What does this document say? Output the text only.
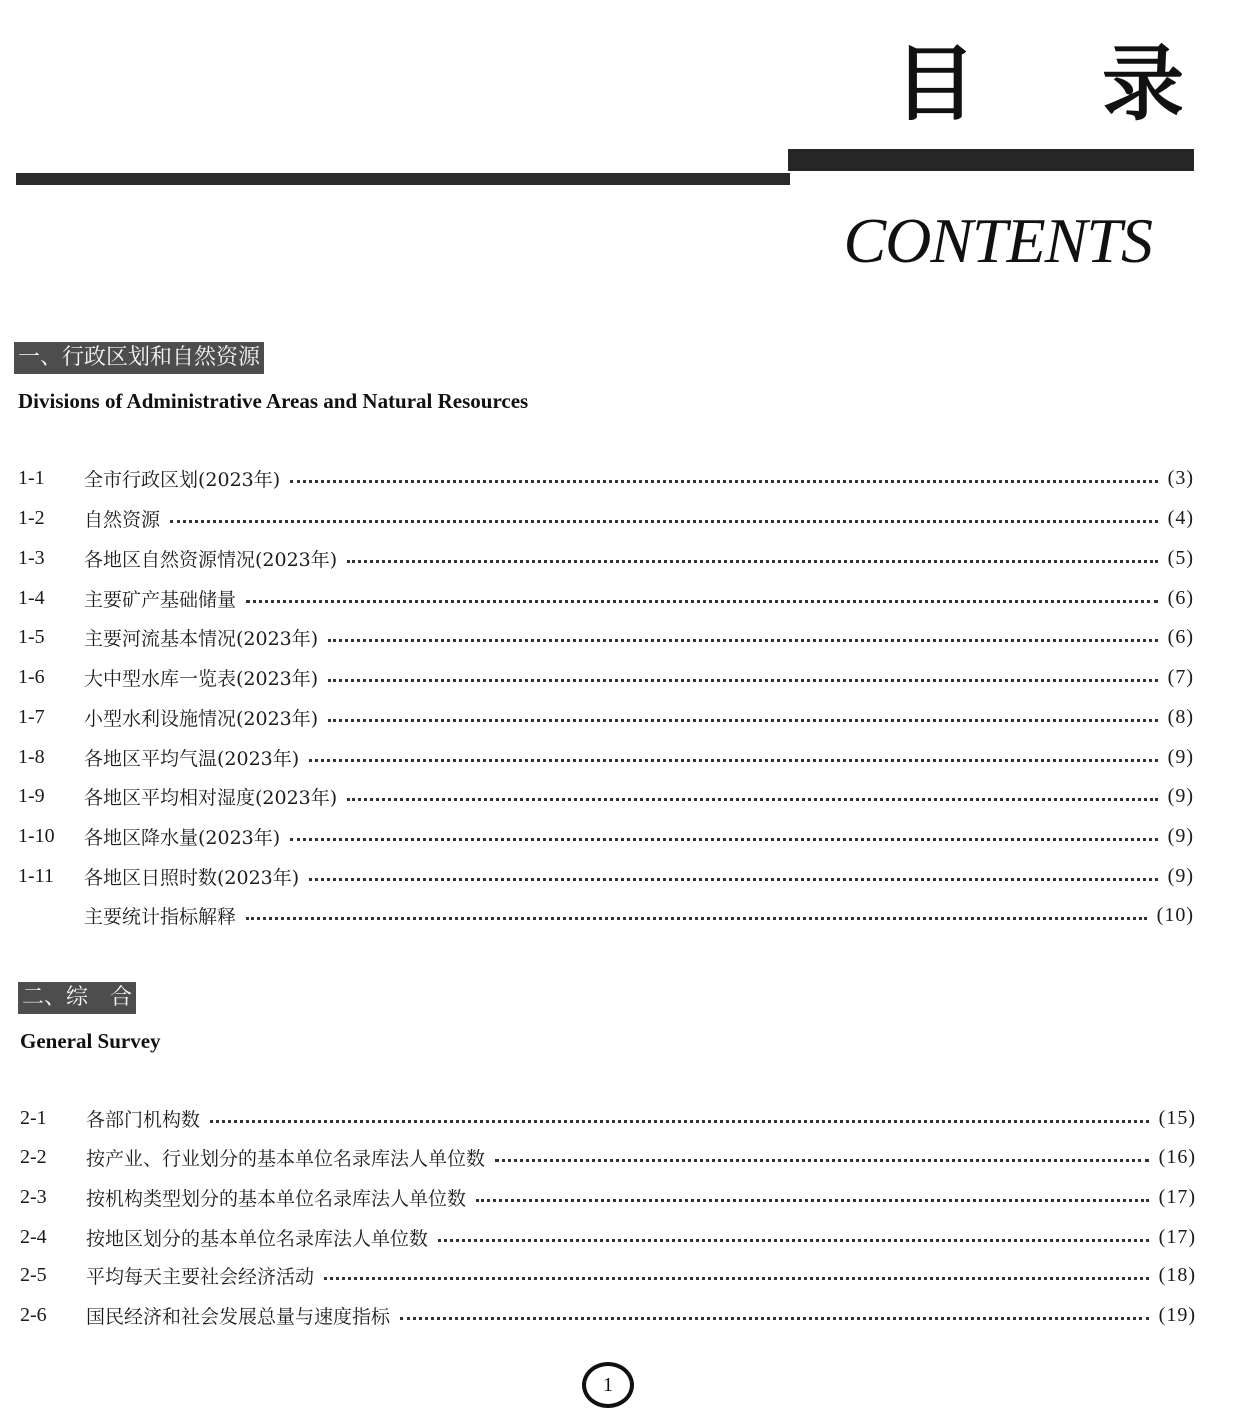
目 录
CONTENTS
一、行政区划和自然资源
Divisions of Administrative Areas and Natural Resources
1-1	全市行政区划(2023年)	(3)
1-2	自然资源	(4)
1-3	各地区自然资源情况(2023年)	(5)
1-4	主要矿产基础储量	(6)
1-5	主要河流基本情况(2023年)	(6)
1-6	大中型水库一览表(2023年)	(7)
1-7	小型水利设施情况(2023年)	(8)
1-8	各地区平均气温(2023年)	(9)
1-9	各地区平均相对湿度(2023年)	(9)
1-10	各地区降水量(2023年)	(9)
1-11	各地区日照时数(2023年)	(9)
主要统计指标解释	(10)
二、综　合
General Survey
2-1	各部门机构数	(15)
2-2	按产业、行业划分的基本单位名录库法人单位数	(16)
2-3	按机构类型划分的基本单位名录库法人单位数	(17)
2-4	按地区划分的基本单位名录库法人单位数	(17)
2-5	平均每天主要社会经济活动	(18)
2-6	国民经济和社会发展总量与速度指标	(19)
1
